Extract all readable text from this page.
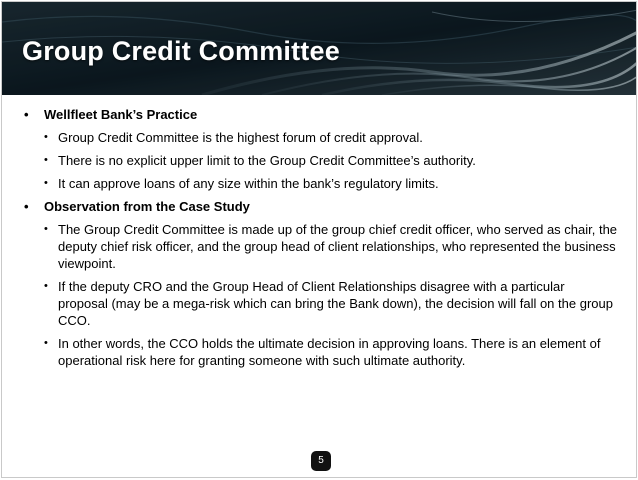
Group Credit Committee
• Wellfleet Bank’s Practice
• Group Credit Committee is the highest forum of credit approval.
• There is no explicit upper limit to the Group Credit Committee’s authority.
• It can approve loans of any size within the bank’s regulatory limits.
• Observation from the Case Study
• The Group Credit Committee is made up of the group chief credit officer, who served as chair, the deputy chief risk officer, and the group head of client relationships, who represented the business viewpoint.
• If the deputy CRO and the Group Head of Client Relationships disagree with a particular proposal (may be a mega-risk which can bring the Bank down), the decision will fall on the group CCO.
• In other words, the CCO holds the ultimate decision in approving loans. There is an element of operational risk here for granting someone with such ultimate authority.
5
